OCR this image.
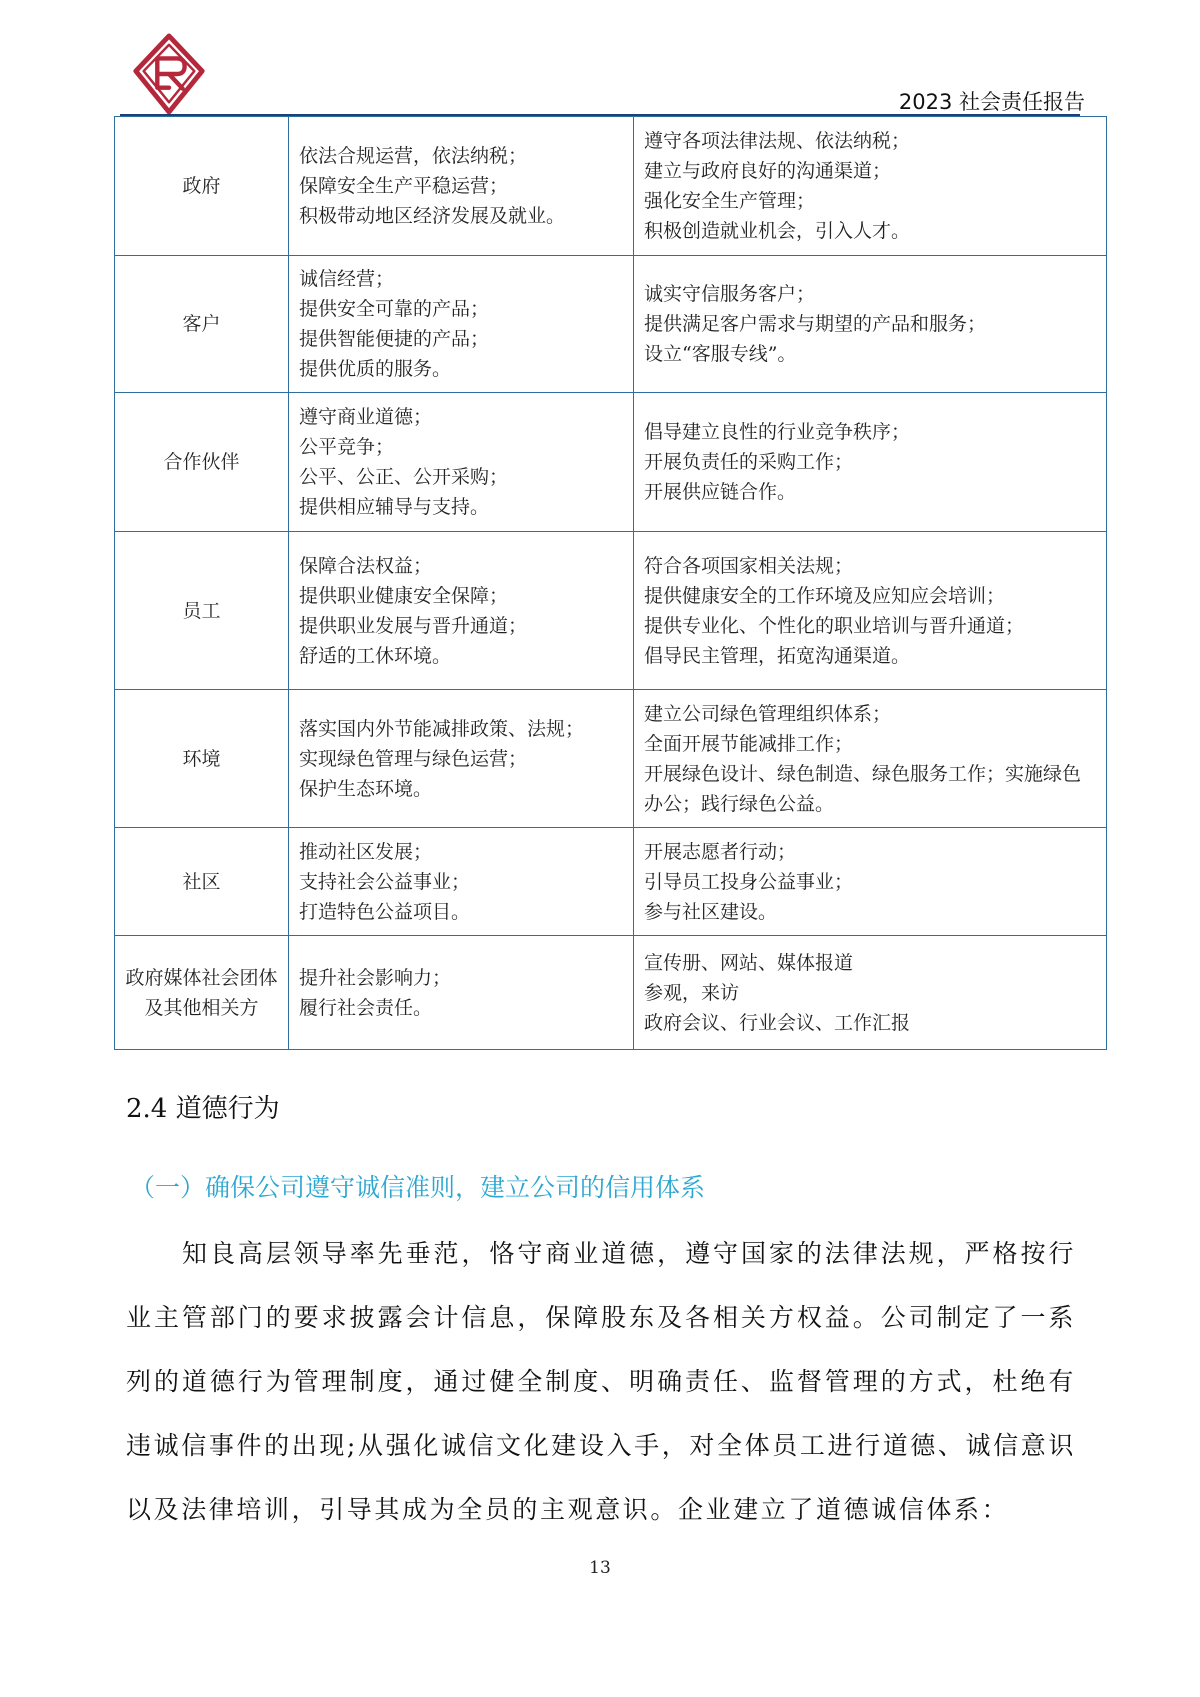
2023 社会责任报告
政府	依法合规运营，依法纳税；
保障安全生产平稳运营；
积极带动地区经济发展及就业。	遵守各项法律法规、依法纳税；
建立与政府良好的沟通渠道；
强化安全生产管理；
积极创造就业机会，引入人才。

客户	诚信经营；
提供安全可靠的产品；
提供智能便捷的产品；
提供优质的服务。	诚实守信服务客户；
提供满足客户需求与期望的产品和服务；
设立“客服专线”。

合作伙伴	遵守商业道德；
公平竞争；
公平、公正、公开采购；
提供相应辅导与支持。	倡导建立良性的行业竞争秩序；
开展负责任的采购工作；
开展供应链合作。

员工	保障合法权益；
提供职业健康安全保障；
提供职业发展与晋升通道；
舒适的工休环境。	符合各项国家相关法规；
提供健康安全的工作环境及应知应会培训；
提供专业化、个性化的职业培训与晋升通道；
倡导民主管理，拓宽沟通渠道。

环境	落实国内外节能减排政策、法规；
实现绿色管理与绿色运营；
保护生态环境。	建立公司绿色管理组织体系；
全面开展节能减排工作；
开展绿色设计、绿色制造、绿色服务工作；实施绿色办公；践行绿色公益。

社区	推动社区发展；
支持社会公益事业；
打造特色公益项目。	开展志愿者行动；
引导员工投身公益事业；
参与社区建设。

政府媒体社会团体及其他相关方	提升社会影响力；
履行社会责任。	宣传册、网站、媒体报道
参观，来访
政府会议、行业会议、工作汇报
2.4 道德行为
（一）确保公司遵守诚信准则，建立公司的信用体系
知良高层领导率先垂范，恪守商业道德，遵守国家的法律法规，严格按行业主管部门的要求披露会计信息，保障股东及各相关方权益。公司制定了一系列的道德行为管理制度，通过健全制度、明确责任、监督管理的方式，杜绝有违诚信事件的出现;从强化诚信文化建设入手，对全体员工进行道德、诚信意识以及法律培训，引导其成为全员的主观意识。企业建立了道德诚信体系：
13
